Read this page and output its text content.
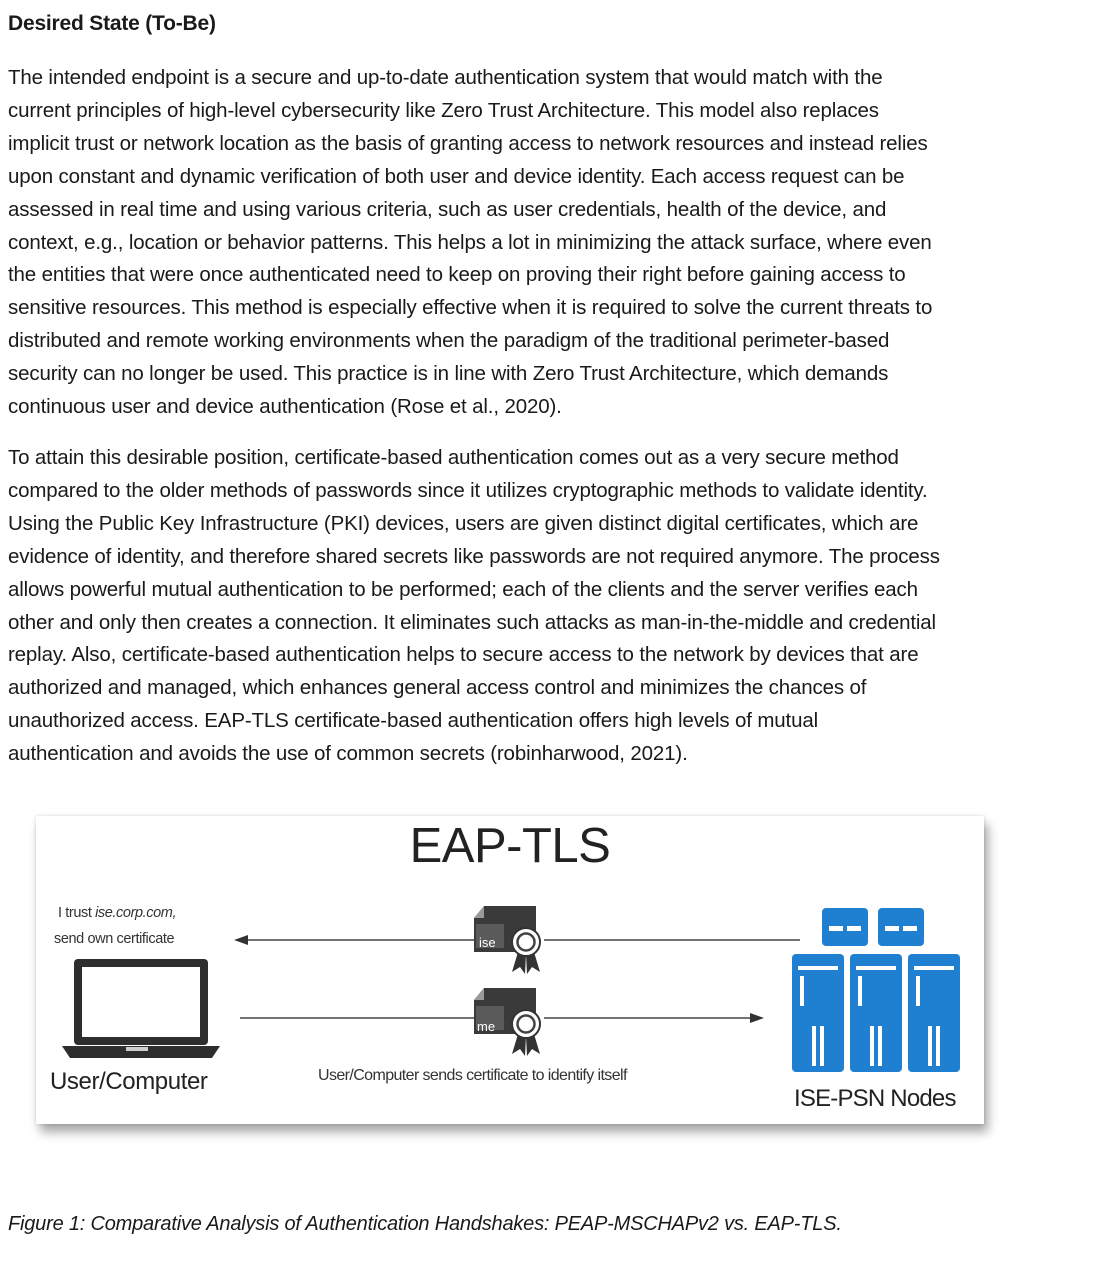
Desired State (To-Be)

The intended endpoint is a secure and up-to-date authentication system that would match with the
current principles of high-level cybersecurity like Zero Trust Architecture. This model also replaces
implicit trust or network location as the basis of granting access to network resources and instead relies
upon constant and dynamic verification of both user and device identity. Each access request can be
assessed in real time and using various criteria, such as user credentials, health of the device, and
context, e.g., location or behavior patterns. This helps a lot in minimizing the attack surface, where even
the entities that were once authenticated need to keep on proving their right before gaining access to
sensitive resources. This method is especially effective when it is required to solve the current threats to
distributed and remote working environments when the paradigm of the traditional perimeter-based
security can no longer be used. This practice is in line with Zero Trust Architecture, which demands
continuous user and device authentication (Rose et al., 2020).

To attain this desirable position, certificate-based authentication comes out as a very secure method
compared to the older methods of passwords since it utilizes cryptographic methods to validate identity.
Using the Public Key Infrastructure (PKI) devices, users are given distinct digital certificates, which are
evidence of identity, and therefore shared secrets like passwords are not required anymore. The process
allows powerful mutual authentication to be performed; each of the clients and the server verifies each
other and only then creates a connection. It eliminates such attacks as man-in-the-middle and credential
replay. Also, certificate-based authentication helps to secure access to the network by devices that are
authorized and managed, which enhances general access control and minimizes the chances of
unauthorized access. EAP-TLS certificate-based authentication offers high levels of mutual
authentication and avoids the use of common secrets (robinharwood, 2021).

ise
me
EAP-TLS
I trust ise.corp.com,
send own certificate
User/Computer	User/Computer sends certificate to identify itself
ISE-PSN Nodes
Figure 1: Comparative Analysis of Authentication Handshakes: PEAP-MSCHAPv2 vs. EAP-TLS.
